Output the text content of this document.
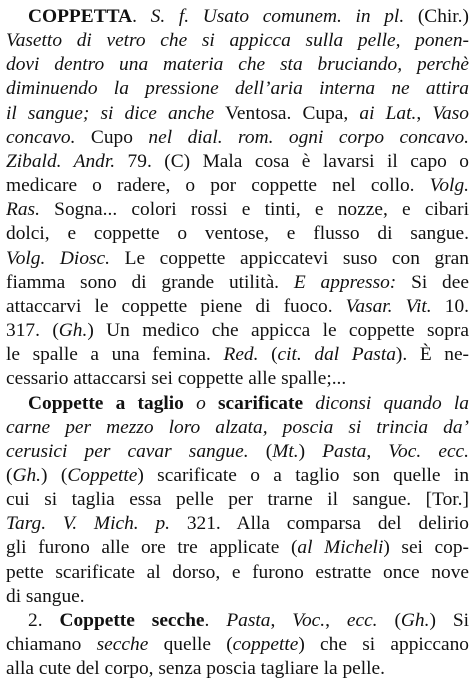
COPPETTA. S. f. Usato comunem. in pl. (Chir.)
Vasetto di vetro che si appicca sulla pelle, ponen-
dovi dentro una materia che sta bruciando, perchè
diminuendo la pressione dell’aria interna ne attira
il sangue; si dice anche Ventosa. Cupa, ai Lat., Vaso
concavo. Cupo nel dial. rom. ogni corpo concavo.
Zibald. Andr. 79. (C) Mala cosa è lavarsi il capo o
medicare o radere, o por coppette nel collo. Volg.
Ras. Sogna... colori rossi e tinti, e nozze, e cibari
dolci, e coppette o ventose, e flusso di sangue.
Volg. Diosc. Le coppette appiccatevi suso con gran
fiamma sono di grande utilità. E appresso: Si dee
attaccarvi le coppette piene di fuoco. Vasar. Vit. 10.
317. (Gh.) Un medico che appicca le coppette sopra
le spalle a una femina. Red. (cit. dal Pasta). È ne-
cessario attaccarsi sei coppette alle spalle;...
Coppette a taglio o scarificate diconsi quando la
carne per mezzo loro alzata, poscia si trincia da’
cerusici per cavar sangue. (Mt.) Pasta, Voc. ecc.
(Gh.) (Coppette) scarificate o a taglio son quelle in
cui si taglia essa pelle per trarne il sangue. [Tor.]
Targ. V. Mich. p. 321. Alla comparsa del delirio
gli furono alle ore tre applicate (al Micheli) sei cop-
pette scarificate al dorso, e furono estratte once nove
di sangue.
2. Coppette secche. Pasta, Voc., ecc. (Gh.) Si
chiamano secche quelle (coppette) che si appiccano
alla cute del corpo, senza poscia tagliare la pelle.
